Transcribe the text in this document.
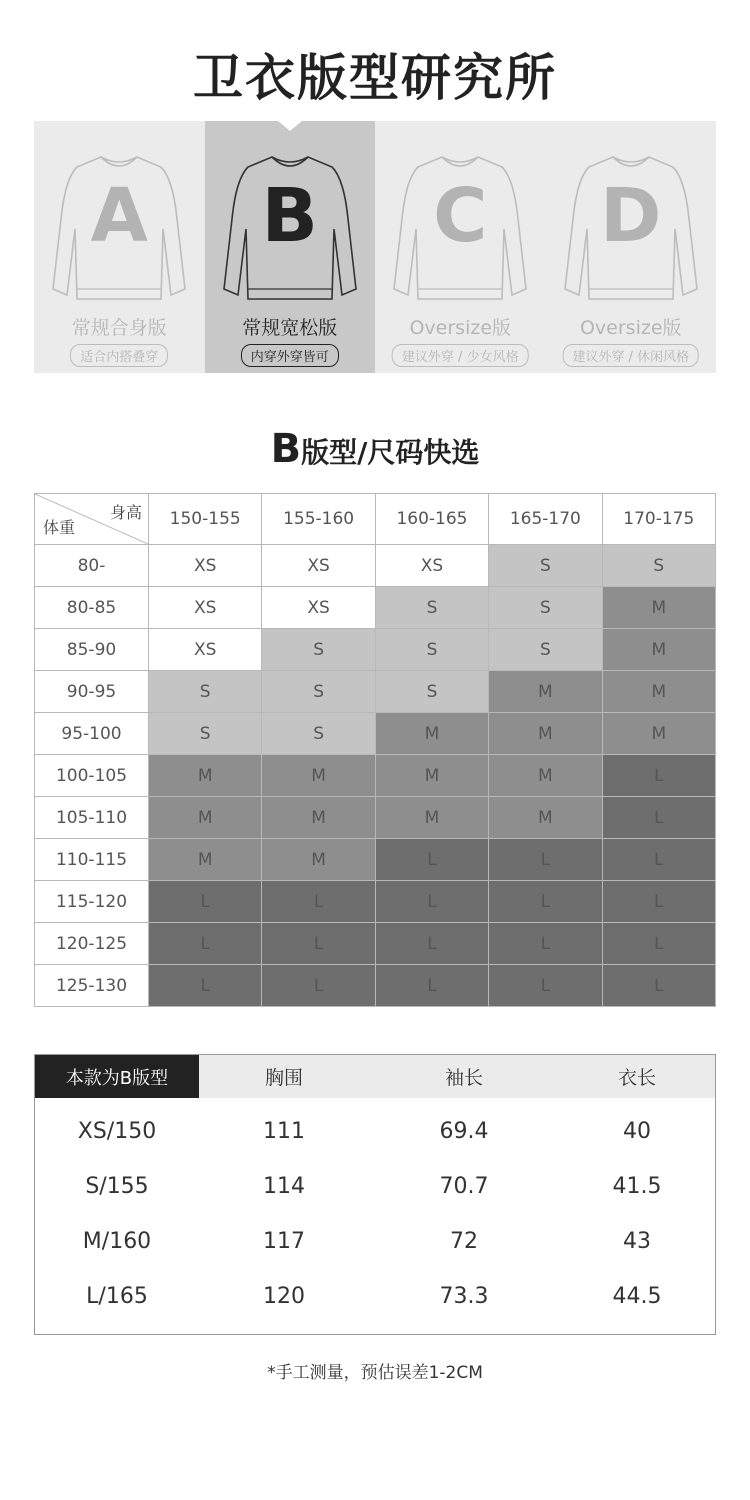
卫衣版型研究所
A
常规合身版
适合内搭叠穿
B
常规宽松版
内穿外穿皆可
C
Oversize版
建议外穿 / 少女风格
D
Oversize版
建议外穿 / 休闲风格
B版型/尺码快选
身高
体重	150-155	155-160	160-165	165-170	170-175
80-	XS	XS	XS	S	S
80-85	XS	XS	S	S	M
85-90	XS	S	S	S	M
90-95	S	S	S	M	M
95-100	S	S	M	M	M
100-105	M	M	M	M	L
105-110	M	M	M	M	L
110-115	M	M	L	L	L
115-120	L	L	L	L	L
120-125	L	L	L	L	L
125-130	L	L	L	L	L
本款为B版型	胸围	袖长	衣长
XS/150	111	69.4	40
S/155	114	70.7	41.5
M/160	117	72	43
L/165	120	73.3	44.5
*手工测量，预估误差1-2CM
